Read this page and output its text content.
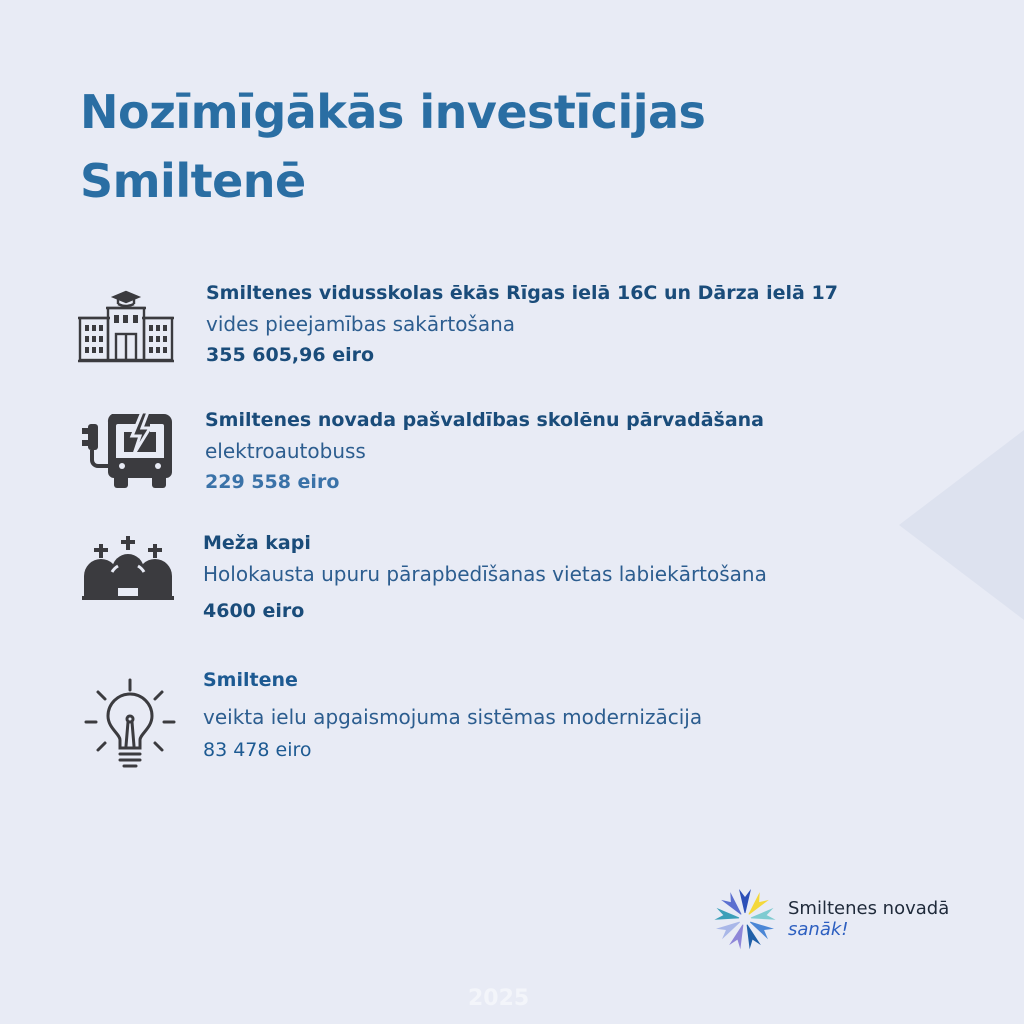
Nozīmīgākās investīcijas Smiltenē
Smiltenes vidusskolas ēkās Rīgas ielā 16C un Dārza ielā 17
vides pieejamības sakārtošana
355 605,96 eiro
Smiltenes novada pašvaldības skolēnu pārvadāšana
elektroautobuss
229 558 eiro
Meža kapi
Holokausta upuru pārapbedīšanas vietas labiekārtošana
4600 eiro
Smiltene
veikta ielu apgaismojuma sistēmas modernizācija
83 478 eiro
Smiltenes novadā
sanāk!
2025
